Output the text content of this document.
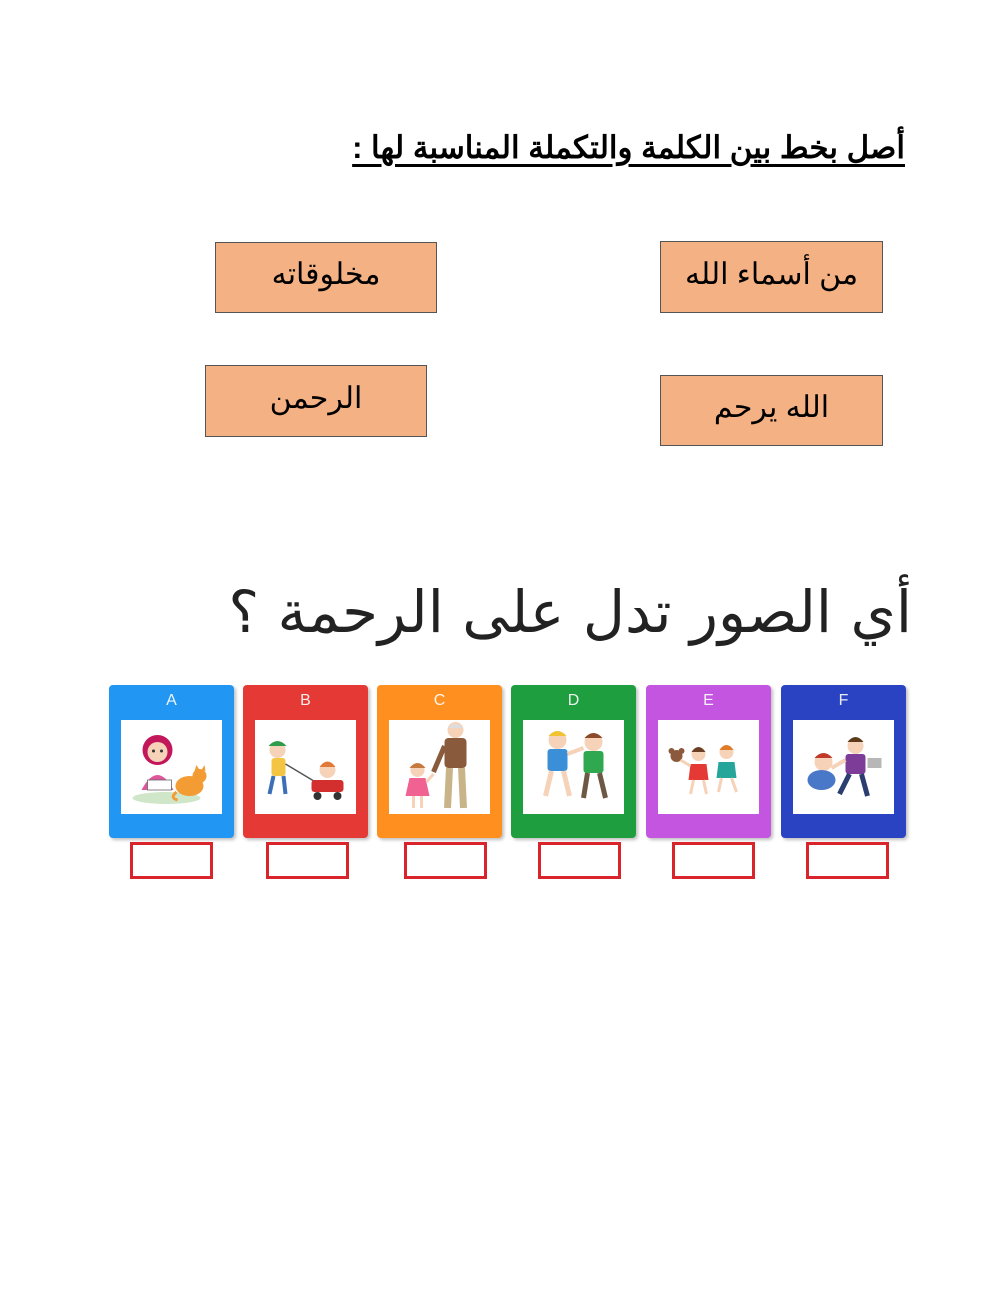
أصل بخط بين الكلمة والتكملة المناسبة لها :
من أسماء الله
الله يرحم
مخلوقاته
الرحمن
أي الصور تدل على الرحمة ؟
A	B	C	D	E	F
